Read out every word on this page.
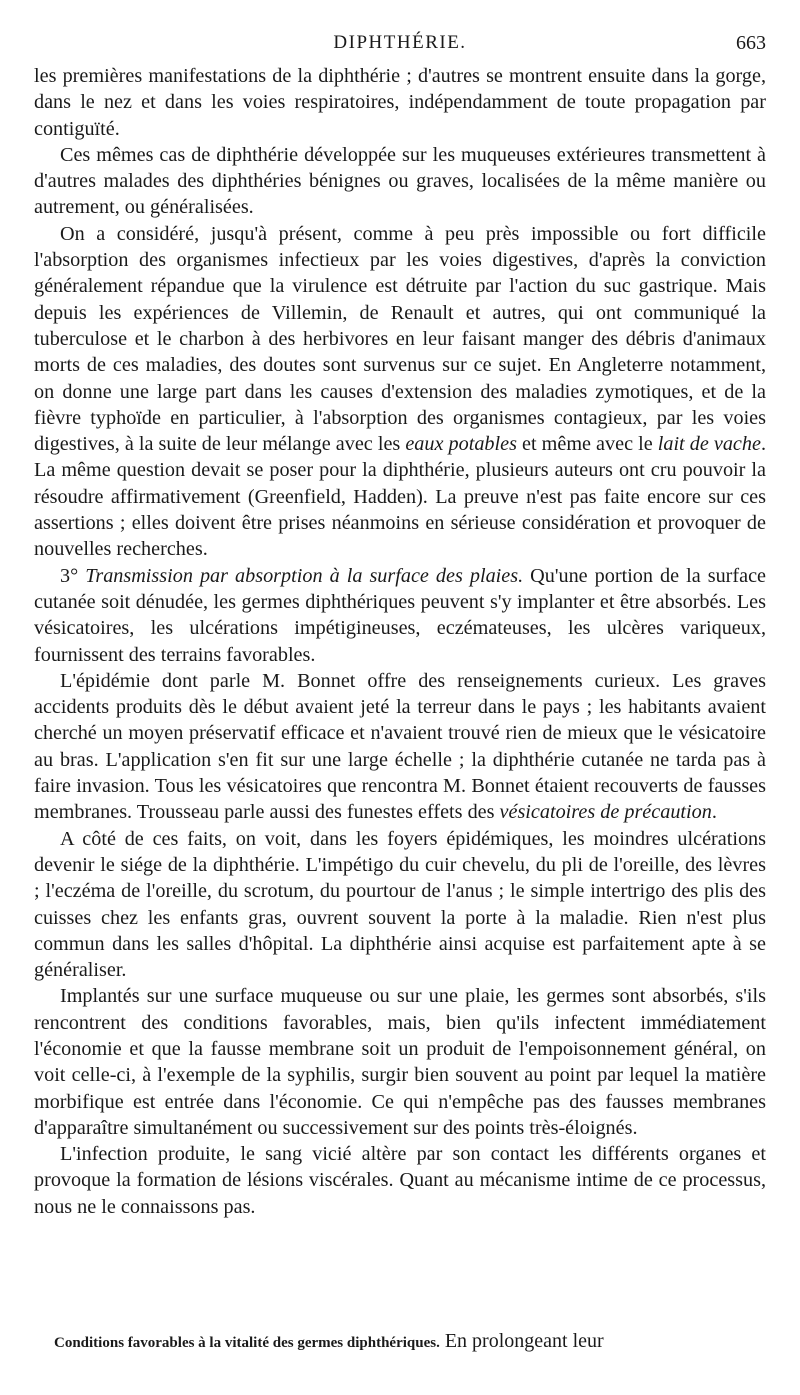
DIPHTHÉRIE.	663

les premières manifestations de la diphthérie ; d'autres se montrent ensuite dans la gorge, dans le nez et dans les voies respiratoires, indépendamment de toute propagation par contiguïté.

Ces mêmes cas de diphthérie développée sur les muqueuses extérieures transmettent à d'autres malades des diphthéries bénignes ou graves, localisées de la même manière ou autrement, ou généralisées.

On a considéré, jusqu'à présent, comme à peu près impossible ou fort difficile l'absorption des organismes infectieux par les voies digestives, d'après la conviction généralement répandue que la virulence est détruite par l'action du suc gastrique. Mais depuis les expériences de Villemin, de Renault et autres, qui ont communiqué la tuberculose et le charbon à des herbivores en leur faisant manger des débris d'animaux morts de ces maladies, des doutes sont survenus sur ce sujet. En Angleterre notamment, on donne une large part dans les causes d'extension des maladies zymotiques, et de la fièvre typhoïde en particulier, à l'absorption des organismes contagieux, par les voies digestives, à la suite de leur mélange avec les eaux potables et même avec le lait de vache. La même question devait se poser pour la diphthérie, plusieurs auteurs ont cru pouvoir la résoudre affirmativement (Greenfield, Hadden). La preuve n'est pas faite encore sur ces assertions ; elles doivent être prises néanmoins en sérieuse considération et provoquer de nouvelles recherches.

3° Transmission par absorption à la surface des plaies. Qu'une portion de la surface cutanée soit dénudée, les germes diphthériques peuvent s'y implanter et être absorbés. Les vésicatoires, les ulcérations impétigineuses, eczémateuses, les ulcères variqueux, fournissent des terrains favorables.

L'épidémie dont parle M. Bonnet offre des renseignements curieux. Les graves accidents produits dès le début avaient jeté la terreur dans le pays ; les habitants avaient cherché un moyen préservatif efficace et n'avaient trouvé rien de mieux que le vésicatoire au bras. L'application s'en fit sur une large échelle ; la diphthérie cutanée ne tarda pas à faire invasion. Tous les vésicatoires que rencontra M. Bonnet étaient recouverts de fausses membranes. Trousseau parle aussi des funestes effets des vésicatoires de précaution.

A côté de ces faits, on voit, dans les foyers épidémiques, les moindres ulcérations devenir le siége de la diphthérie. L'impétigo du cuir chevelu, du pli de l'oreille, des lèvres ; l'eczéma de l'oreille, du scrotum, du pourtour de l'anus ; le simple intertrigo des plis des cuisses chez les enfants gras, ouvrent souvent la porte à la maladie. Rien n'est plus commun dans les salles d'hôpital. La diphthérie ainsi acquise est parfaitement apte à se généraliser.

Implantés sur une surface muqueuse ou sur une plaie, les germes sont absorbés, s'ils rencontrent des conditions favorables, mais, bien qu'ils infectent immédiatement l'économie et que la fausse membrane soit un produit de l'empoisonnement général, on voit celle-ci, à l'exemple de la syphilis, surgir bien souvent au point par lequel la matière morbifique est entrée dans l'économie. Ce qui n'empêche pas des fausses membranes d'apparaître simultanément ou successivement sur des points très-éloignés.

L'infection produite, le sang vicié altère par son contact les différents organes et provoque la formation de lésions viscérales. Quant au mécanisme intime de ce processus, nous ne le connaissons pas.

Conditions favorables à la vitalité des germes diphthériques. En prolongeant leur
